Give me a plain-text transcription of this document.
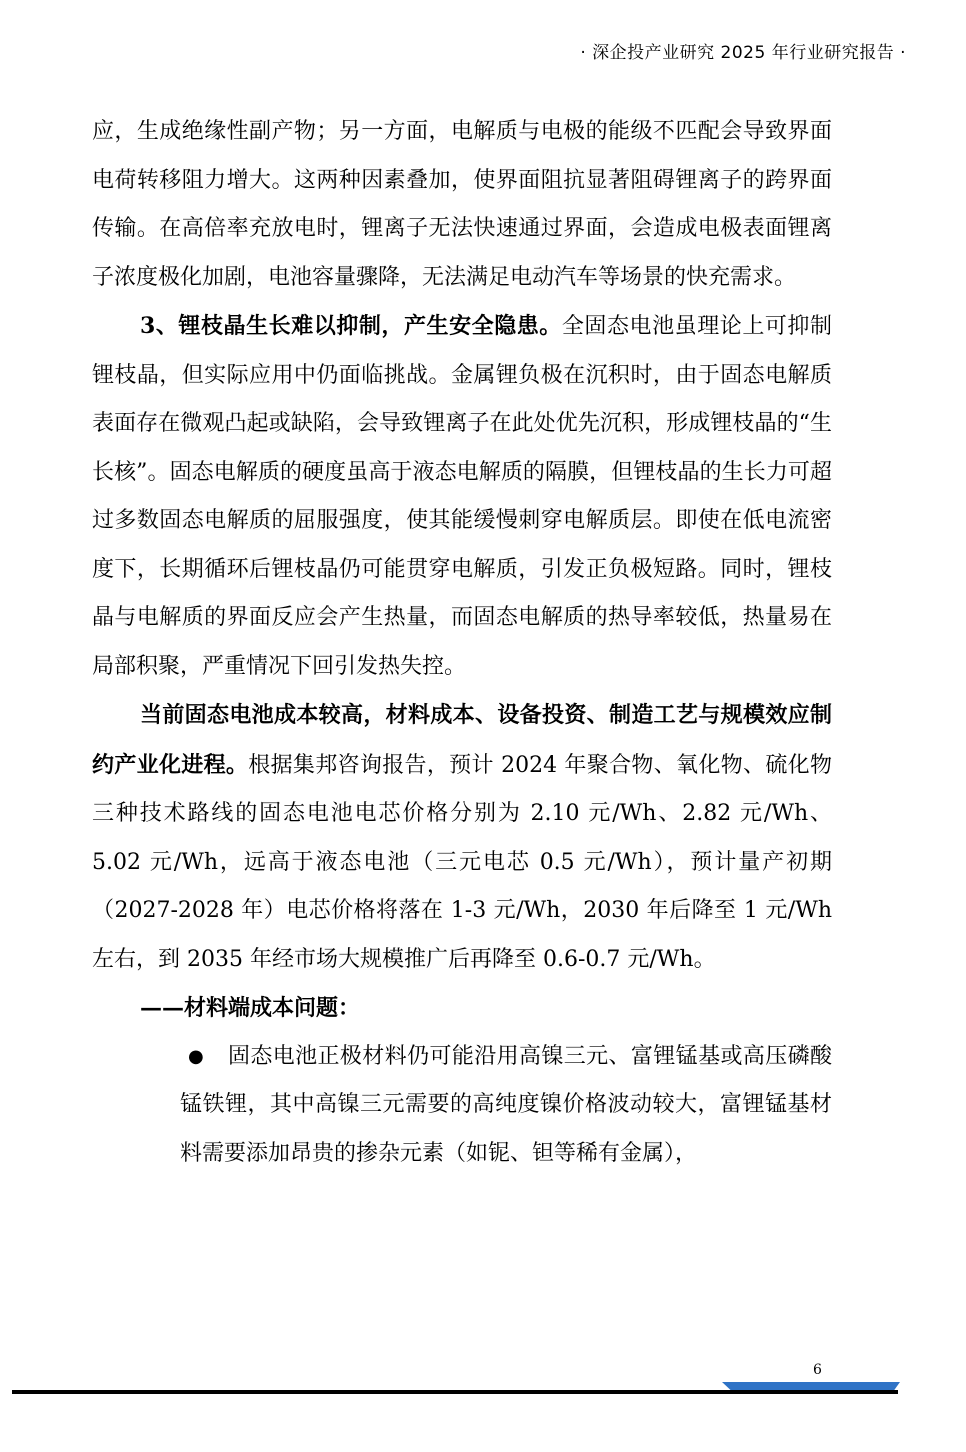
· 深企投产业研究 2025 年行业研究报告 ·

应，生成绝缘性副产物；另一方面，电解质与电极的能级不匹配会导致界面电荷转移阻力增大。这两种因素叠加，使界面阻抗显著阻碍锂离子的跨界面传输。在高倍率充放电时，锂离子无法快速通过界面，会造成电极表面锂离子浓度极化加剧，电池容量骤降，无法满足电动汽车等场景的快充需求。

3、锂枝晶生长难以抑制，产生安全隐患。全固态电池虽理论上可抑制锂枝晶，但实际应用中仍面临挑战。金属锂负极在沉积时，由于固态电解质表面存在微观凸起或缺陷，会导致锂离子在此处优先沉积，形成锂枝晶的“生长核”。固态电解质的硬度虽高于液态电解质的隔膜，但锂枝晶的生长力可超过多数固态电解质的屈服强度，使其能缓慢刺穿电解质层。即使在低电流密度下，长期循环后锂枝晶仍可能贯穿电解质，引发正负极短路。同时，锂枝晶与电解质的界面反应会产生热量，而固态电解质的热导率较低，热量易在局部积聚，严重情况下回引发热失控。

当前固态电池成本较高，材料成本、设备投资、制造工艺与规模效应制约产业化进程。根据集邦咨询报告，预计 2024 年聚合物、氧化物、硫化物三种技术路线的固态电池电芯价格分别为 2.10 元/Wh、2.82 元/Wh、5.02 元/Wh，远高于液态电池（三元电芯 0.5 元/Wh），预计量产初期（2027-2028 年）电芯价格将落在 1-3 元/Wh，2030 年后降至 1 元/Wh 左右，到 2035 年经市场大规模推广后再降至 0.6-0.7 元/Wh。

——材料端成本问题：

● 固态电池正极材料仍可能沿用高镍三元、富锂锰基或高压磷酸锰铁锂，其中高镍三元需要的高纯度镍价格波动较大，富锂锰基材料需要添加昂贵的掺杂元素（如铌、钽等稀有金属），

6
